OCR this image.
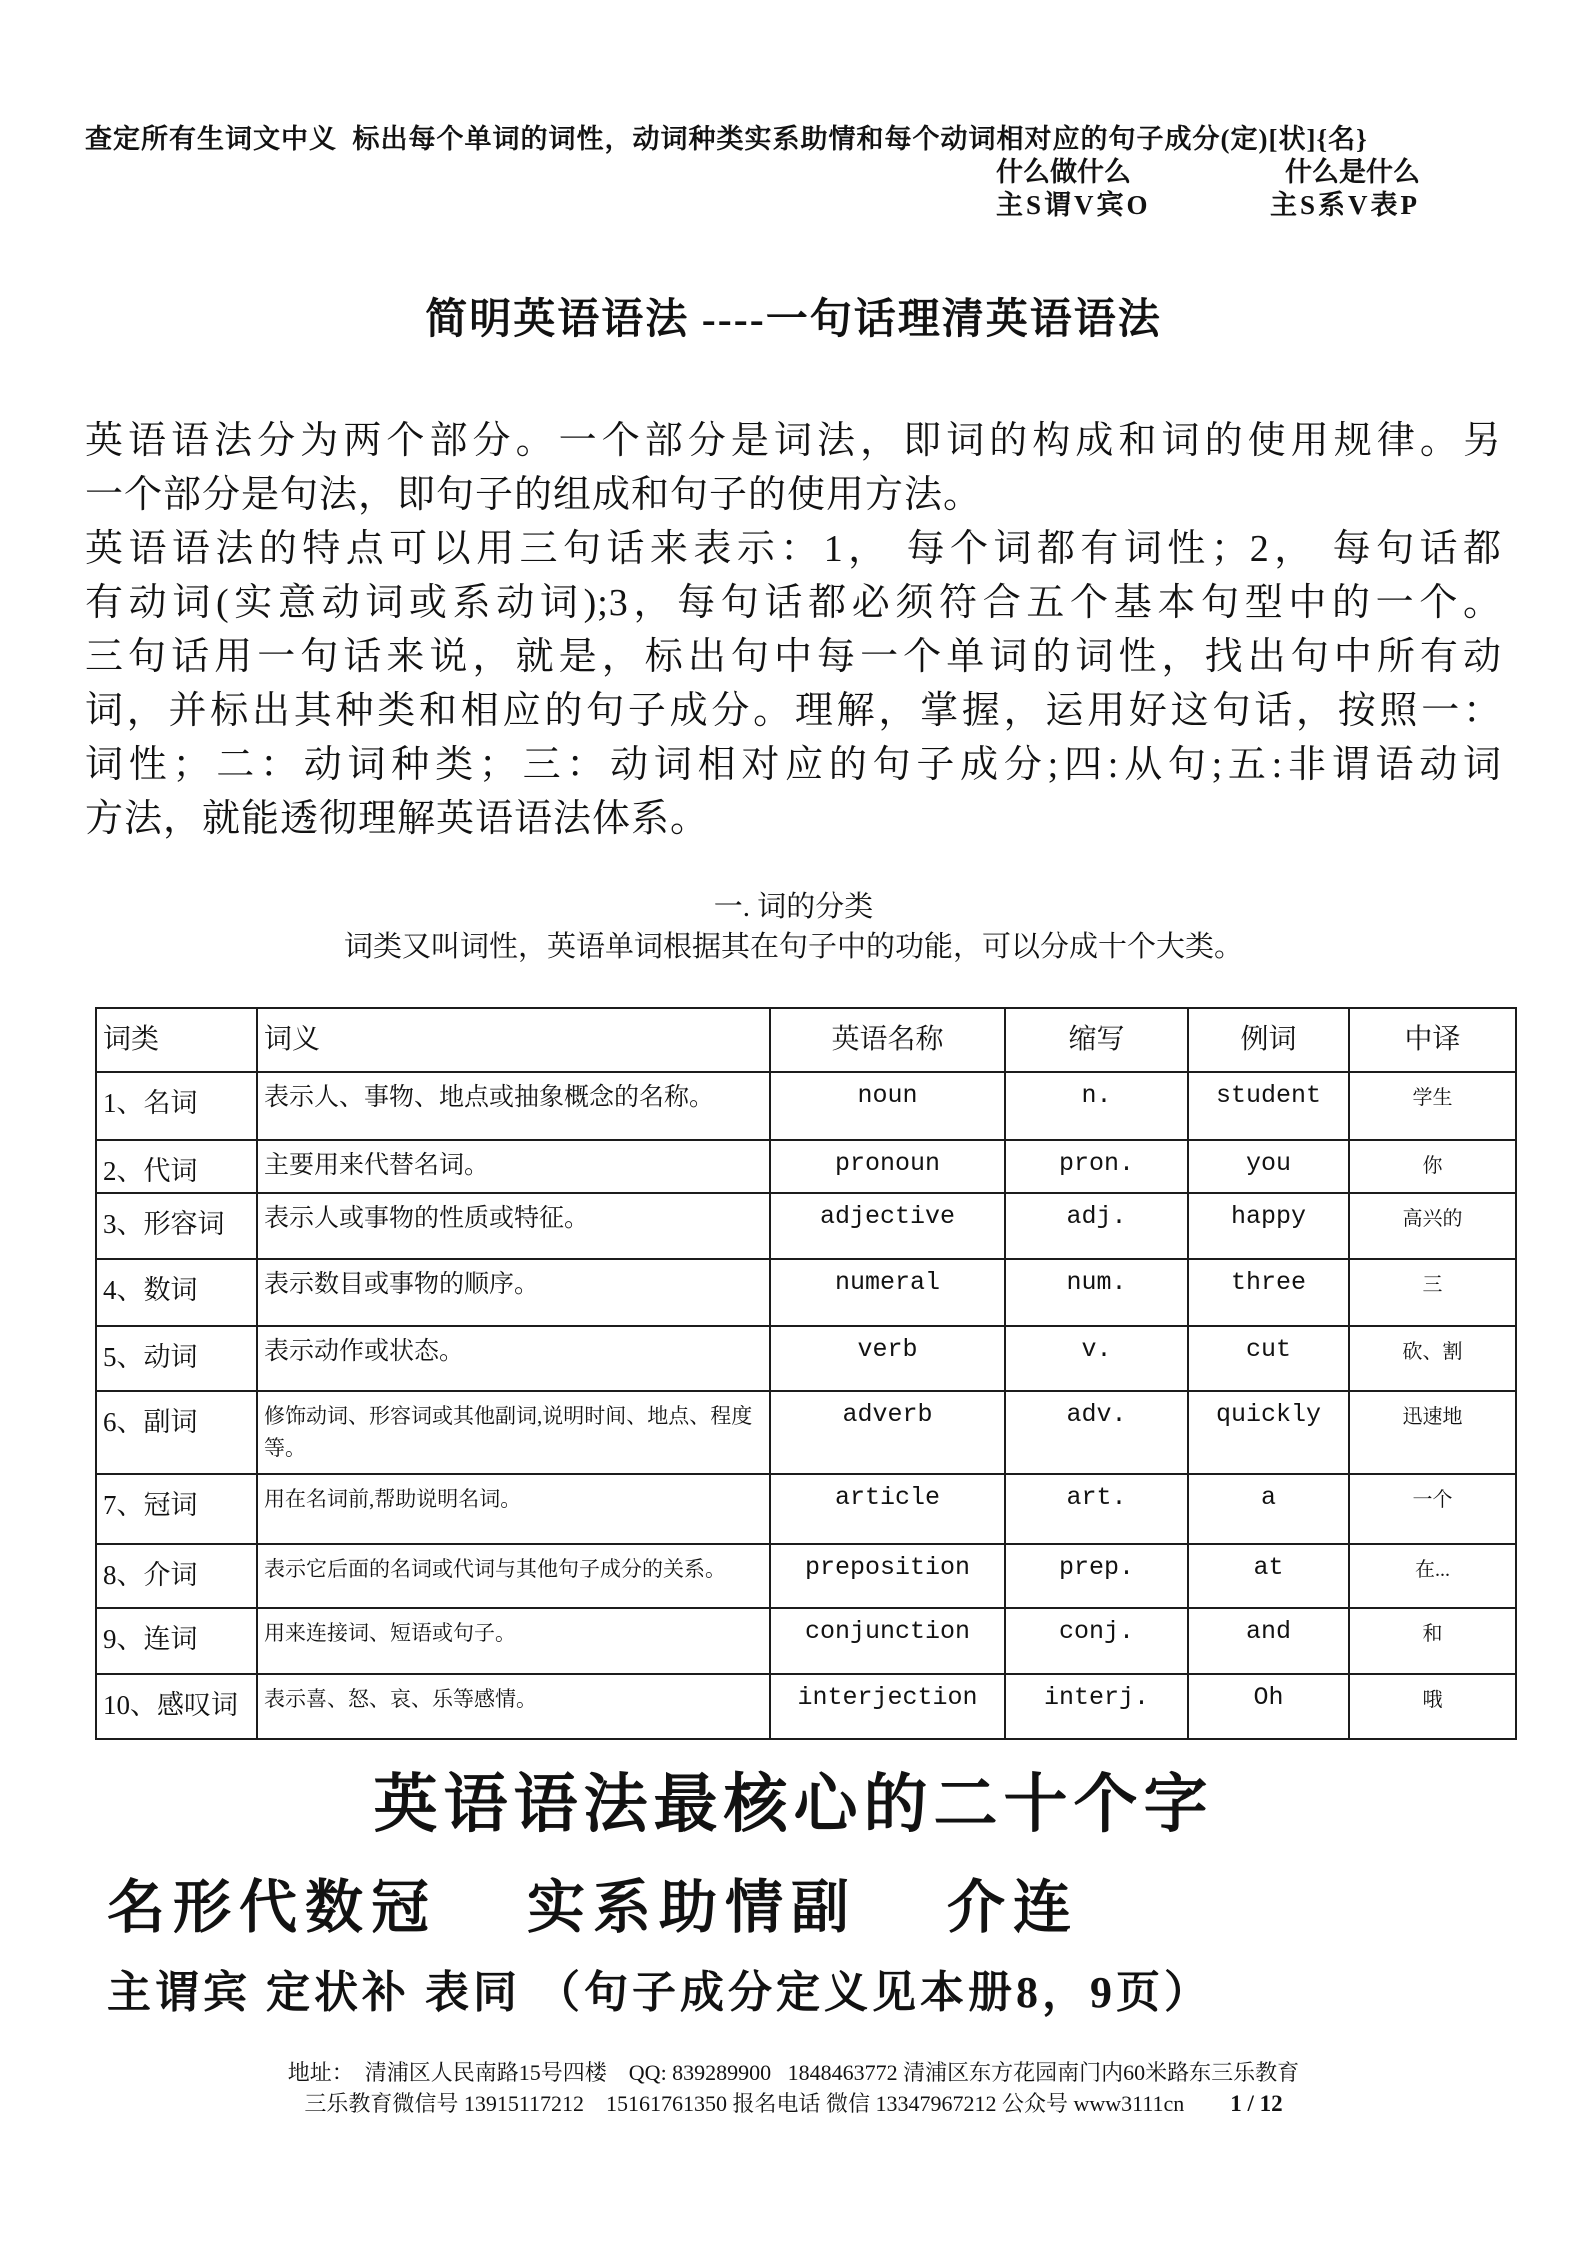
查定所有生词文中义  标出每个单词的词性，动词种类实系助情和每个动词相对应的句子成分(定)[状]{名}
什么做什么	什么是什么
主S谓V宾O	主S系V表P
简明英语语法 ----一句话理清英语语法
英语语法分为两个部分。一个部分是词法，即词的构成和词的使用规律。另
一个部分是句法，即句子的组成和句子的使用方法。
英语语法的特点可以用三句话来表示：1， 每个词都有词性；2， 每句话都
有动词(实意动词或系动词);3，每句话都必须符合五个基本句型中的一个。
三句话用一句话来说，就是，标出句中每一个单词的词性，找出句中所有动
词，并标出其种类和相应的句子成分。理解，掌握，运用好这句话，按照一：
词性；二：动词种类；三：动词相对应的句子成分;四:从句;五:非谓语动词
方法，就能透彻理解英语语法体系。
一. 词的分类
词类又叫词性，英语单词根据其在句子中的功能，可以分成十个大类。
词类	词义	英语名称	缩写	例词	中译
1、名词	表示人、事物、地点或抽象概念的名称。	noun	n.	student	学生
2、代词	主要用来代替名词。	pronoun	pron.	you	你
3、形容词	表示人或事物的性质或特征。	adjective	adj.	happy	高兴的
4、数词	表示数目或事物的顺序。	numeral	num.	three	三
5、动词	表示动作或状态。	verb	v.	cut	砍、割
6、副词	修饰动词、形容词或其他副词,说明时间、地点、程度等。	adverb	adv.	quickly	迅速地
7、冠词	用在名词前,帮助说明名词。	article	art.	a	一个
8、介词	表示它后面的名词或代词与其他句子成分的关系。	preposition	prep.	at	在...
9、连词	用来连接词、短语或句子。	conjunction	conj.	and	和
10、感叹词	表示喜、怒、哀、乐等感情。	interjection	interj.	Oh	哦
英语语法最核心的二十个字
名形代数冠    实系助情副    介连
主谓宾 定状补 表同 （句子成分定义见本册8，9页）
地址：  清浦区人民南路15号四楼    QQ: 839289900   1848463772 清浦区东方花园南门内60米路东三乐教育
三乐教育微信号 13915117212    15161761350 报名电话 微信 13347967212 公众号 www3111cn 1 / 12
